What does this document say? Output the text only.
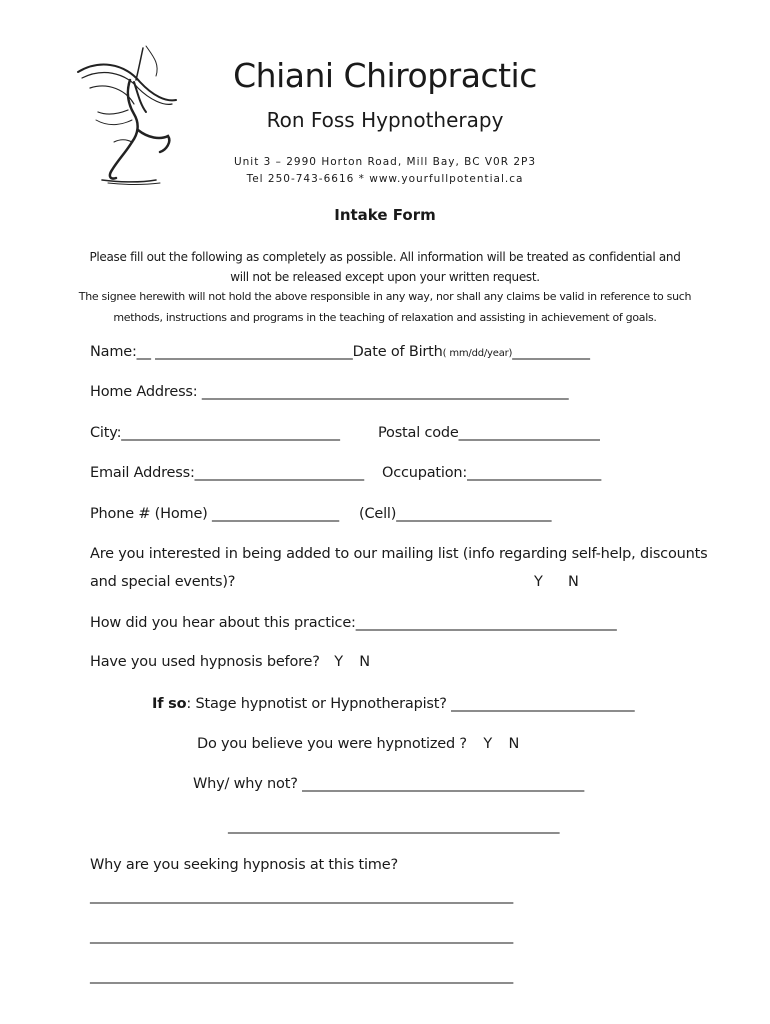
Chiani Chiropractic
Ron Foss Hypnotherapy
Unit 3 – 2990 Horton Road, Mill Bay, BC V0R 2P3
Tel 250-743-6616 * www.yourfullpotential.ca
Intake Form
Please fill out the following as completely as possible. All information will be treated as confidential and
will not be released except upon your written request.
The signee herewith will not hold the above responsible in any way, nor shall any claims be valid in reference to such
methods, instructions and programs in the teaching of relaxation and assisting in achievement of goals.
Name:__ ____________________________Date of Birth( mm/dd/year)___________
Home Address: ____________________________________________________
City:_______________________________	Postal code____________________
Email Address:________________________ Occupation:___________________
Phone # (Home) __________________ (Cell)______________________
Are you interested in being added to our mailing list (info regarding self-help, discounts
and special events)?	Y N
How did you hear about this practice:_____________________________________
Have you used hypnosis before? Y N
If so: Stage hypnotist or Hypnotherapist? __________________________
Do you believe you were hypnotized ? Y N
Why/ why not? ________________________________________
_______________________________________________
Why are you seeking hypnosis at this time?
____________________________________________________________
____________________________________________________________
____________________________________________________________
